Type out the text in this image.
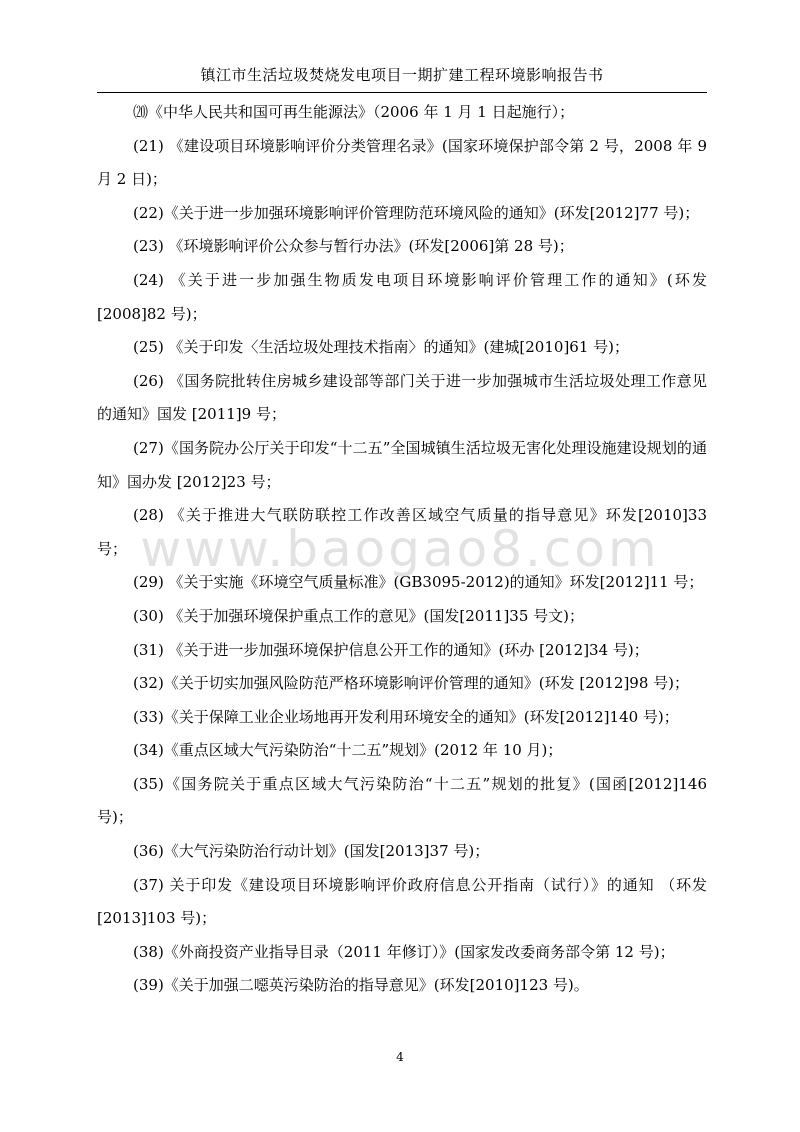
镇江市生活垃圾焚烧发电项目一期扩建工程环境影响报告书

⒇《中华人民共和国可再生能源法》（2006 年 1 月 1 日起施行）；

(21) 《建设项目环境影响评价分类管理名录》(国家环境保护部令第 2 号，2008 年 9 月 2 日)；

(22)《关于进一步加强环境影响评价管理防范环境风险的通知》(环发[2012]77 号)；

(23) 《环境影响评价公众参与暂行办法》(环发[2006]第 28 号)；

(24) 《关于进一步加强生物质发电项目环境影响评价管理工作的通知》(环发[2008]82 号)；

(25) 《关于印发〈生活垃圾处理技术指南〉的通知》(建城[2010]61 号)；

(26) 《国务院批转住房城乡建设部等部门关于进一步加强城市生活垃圾处理工作意见的通知》国发 [2011]9 号；

(27)《国务院办公厅关于印发“十二五”全国城镇生活垃圾无害化处理设施建设规划的通知》国办发 [2012]23 号；

(28) 《关于推进大气联防联控工作改善区域空气质量的指导意见》环发[2010]33 号；

(29) 《关于实施《环境空气质量标准》(GB3095-2012)的通知》环发[2012]11 号；

(30) 《关于加强环境保护重点工作的意见》(国发[2011]35 号文)；

(31) 《关于进一步加强环境保护信息公开工作的通知》(环办 [2012]34 号)；

(32)《关于切实加强风险防范严格环境影响评价管理的通知》(环发 [2012]98 号)；

(33)《关于保障工业企业场地再开发利用环境安全的通知》(环发[2012]140 号)；

(34)《重点区域大气污染防治“十二五”规划》(2012 年 10 月)；

(35)《国务院关于重点区域大气污染防治“十二五”规划的批复》(国函[2012]146 号)；

(36)《大气污染防治行动计划》(国发[2013]37 号)；

(37) 关于印发《建设项目环境影响评价政府信息公开指南（试行）》的通知 （环发[2013]103 号)；

(38)《外商投资产业指导目录（2011 年修订）》(国家发改委商务部令第 12 号)；

(39)《关于加强二噁英污染防治的指导意见》(环发[2010]123 号)。

www.baogao8.com
4
